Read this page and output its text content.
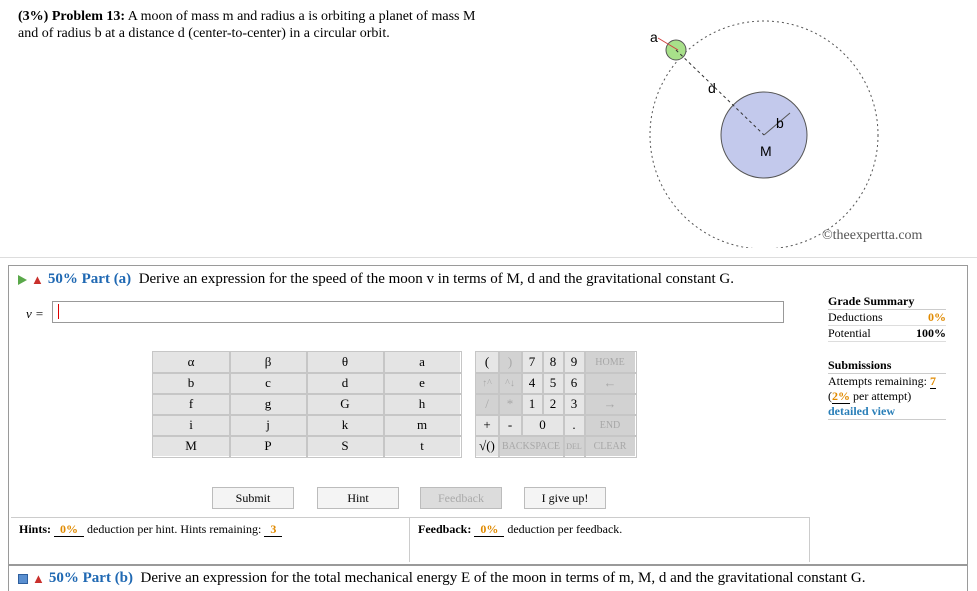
(3%) Problem 13: A moon of mass m and radius a is orbiting a planet of mass M
and of radius b at a distance d (center-to-center) in a circular orbit.	a
d
b
M
©theexpertta.com
▲ 50% Part (a) Derive an expression for the speed of the moon v in terms of M, d and the gravitational constant G.
v =
Grade Summary
Deductions	0%
Potential	100%
Submissions
Attempts remaining: 7
(2% per attempt)
detailed view
α	β	θ	a
b	c	d	e
f	g	G	h
i	j	k	m
M	P	S	t
(	)	7	8	9	HOME
↑^	^↓	4	5	6	←
/	*	1	2	3	→
+	-	0		.	END
√()	BACKSPACE			DEL	CLEAR
Submit	Hint	Feedback	I give up!
Hints: 0% deduction per hint. Hints remaining: 3	Feedback: 0% deduction per feedback.
▲ 50% Part (b) Derive an expression for the total mechanical energy E of the moon in terms of m, M, d and the gravitational constant G.
